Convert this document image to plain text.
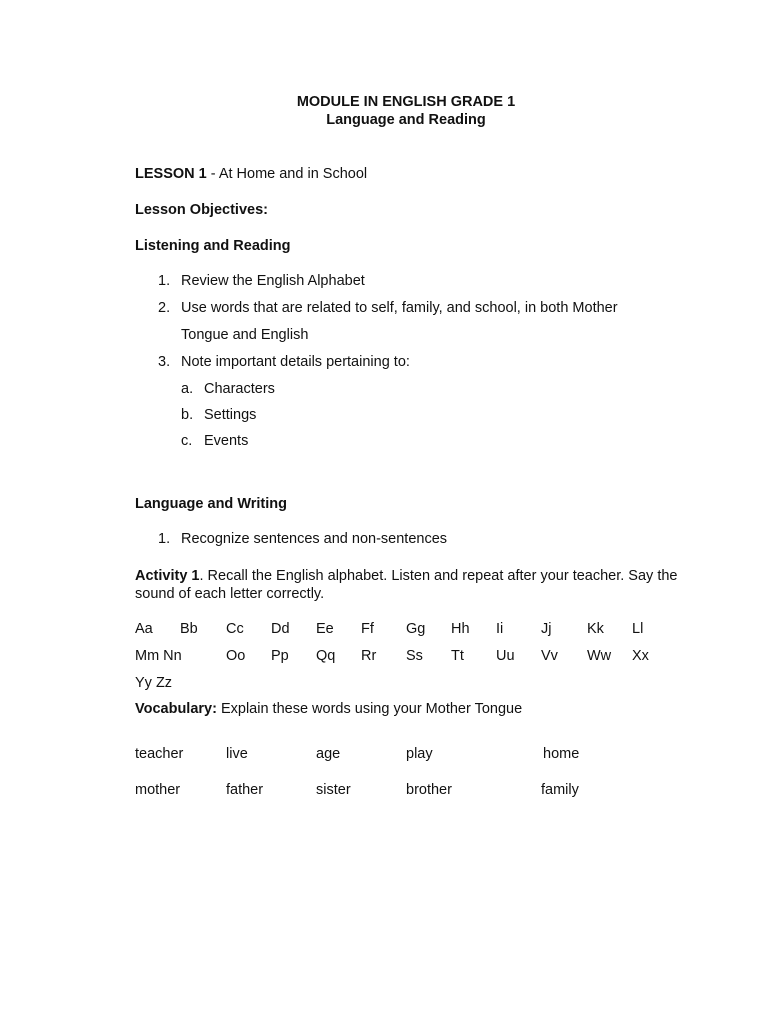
MODULE IN ENGLISH GRADE 1
Language and Reading
LESSON 1 - At Home and in School
Lesson Objectives:
Listening and Reading
1. Review the English Alphabet
2. Use words that are related to self, family, and school, in both Mother
Tongue and English
3. Note important details pertaining to:
a. Characters
b. Settings
c. Events
Language and Writing
1. Recognize sentences and non-sentences
Activity 1. Recall the English alphabet. Listen and repeat after your teacher. Say the sound of each letter correctly.
Aa Bb Cc Dd Ee Ff Gg Hh Ii	Jj Kk Ll
Mm Nn	Oo Pp Qq Rr Ss Tt Uu Vv Ww Xx
Yy Zz
Vocabulary: Explain these words using your Mother Tongue
teacher	live	age	play	home
mother	father	sister	brother	family
